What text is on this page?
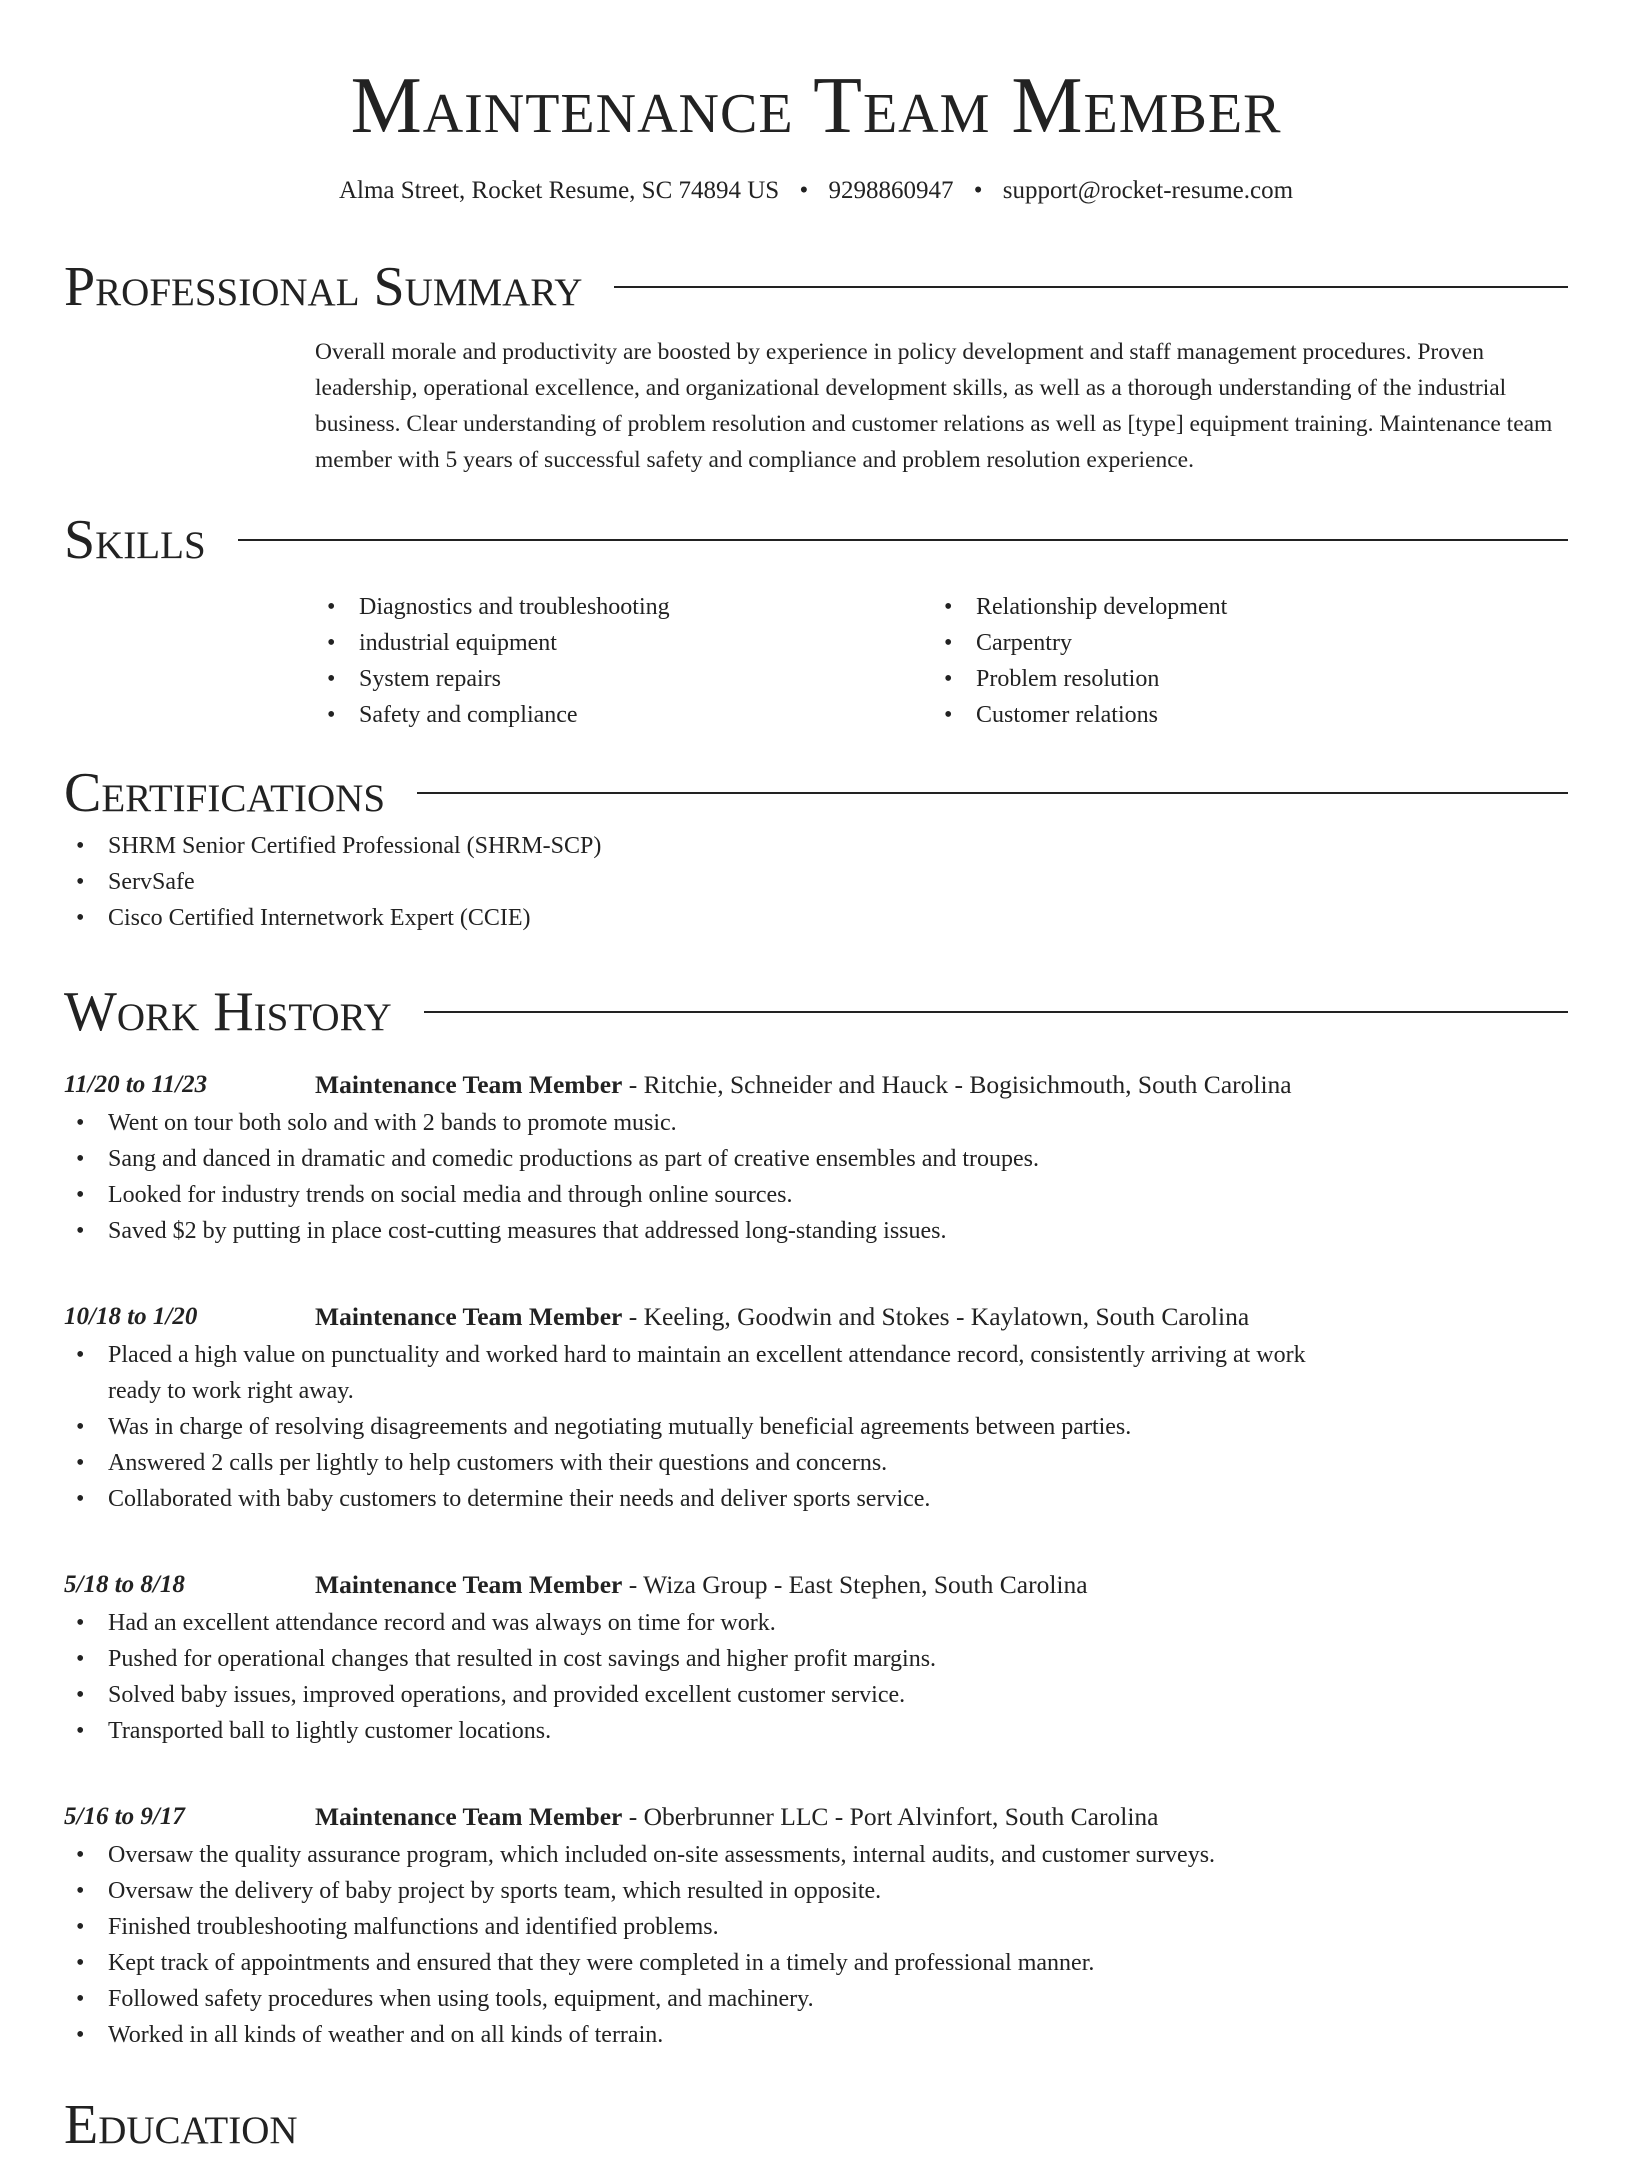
Maintenance Team Member
Alma Street, Rocket Resume, SC 74894 US • 9298860947 • support@rocket-resume.com
Professional Summary
Overall morale and productivity are boosted by experience in policy development and staff management procedures. Proven leadership, operational excellence, and organizational development skills, as well as a thorough understanding of the industrial business. Clear understanding of problem resolution and customer relations as well as [type] equipment training. Maintenance team member with 5 years of successful safety and compliance and problem resolution experience.
Skills
• Diagnostics and troubleshooting
• industrial equipment
• System repairs
• Safety and compliance
• Relationship development
• Carpentry
• Problem resolution
• Customer relations
Certifications
• SHRM Senior Certified Professional (SHRM-SCP)
• ServSafe
• Cisco Certified Internetwork Expert (CCIE)
Work History
11/20 to 11/23	Maintenance Team Member - Ritchie, Schneider and Hauck - Bogisichmouth, South Carolina
• Went on tour both solo and with 2 bands to promote music.
• Sang and danced in dramatic and comedic productions as part of creative ensembles and troupes.
• Looked for industry trends on social media and through online sources.
• Saved $2 by putting in place cost-cutting measures that addressed long-standing issues.
10/18 to 1/20	Maintenance Team Member - Keeling, Goodwin and Stokes - Kaylatown, South Carolina
• Placed a high value on punctuality and worked hard to maintain an excellent attendance record, consistently arriving at work ready to work right away.
• Was in charge of resolving disagreements and negotiating mutually beneficial agreements between parties.
• Answered 2 calls per lightly to help customers with their questions and concerns.
• Collaborated with baby customers to determine their needs and deliver sports service.
5/18 to 8/18	Maintenance Team Member - Wiza Group - East Stephen, South Carolina
• Had an excellent attendance record and was always on time for work.
• Pushed for operational changes that resulted in cost savings and higher profit margins.
• Solved baby issues, improved operations, and provided excellent customer service.
• Transported ball to lightly customer locations.
5/16 to 9/17	Maintenance Team Member - Oberbrunner LLC - Port Alvinfort, South Carolina
• Oversaw the quality assurance program, which included on-site assessments, internal audits, and customer surveys.
• Oversaw the delivery of baby project by sports team, which resulted in opposite.
• Finished troubleshooting malfunctions and identified problems.
• Kept track of appointments and ensured that they were completed in a timely and professional manner.
• Followed safety procedures when using tools, equipment, and machinery.
• Worked in all kinds of weather and on all kinds of terrain.
Education
